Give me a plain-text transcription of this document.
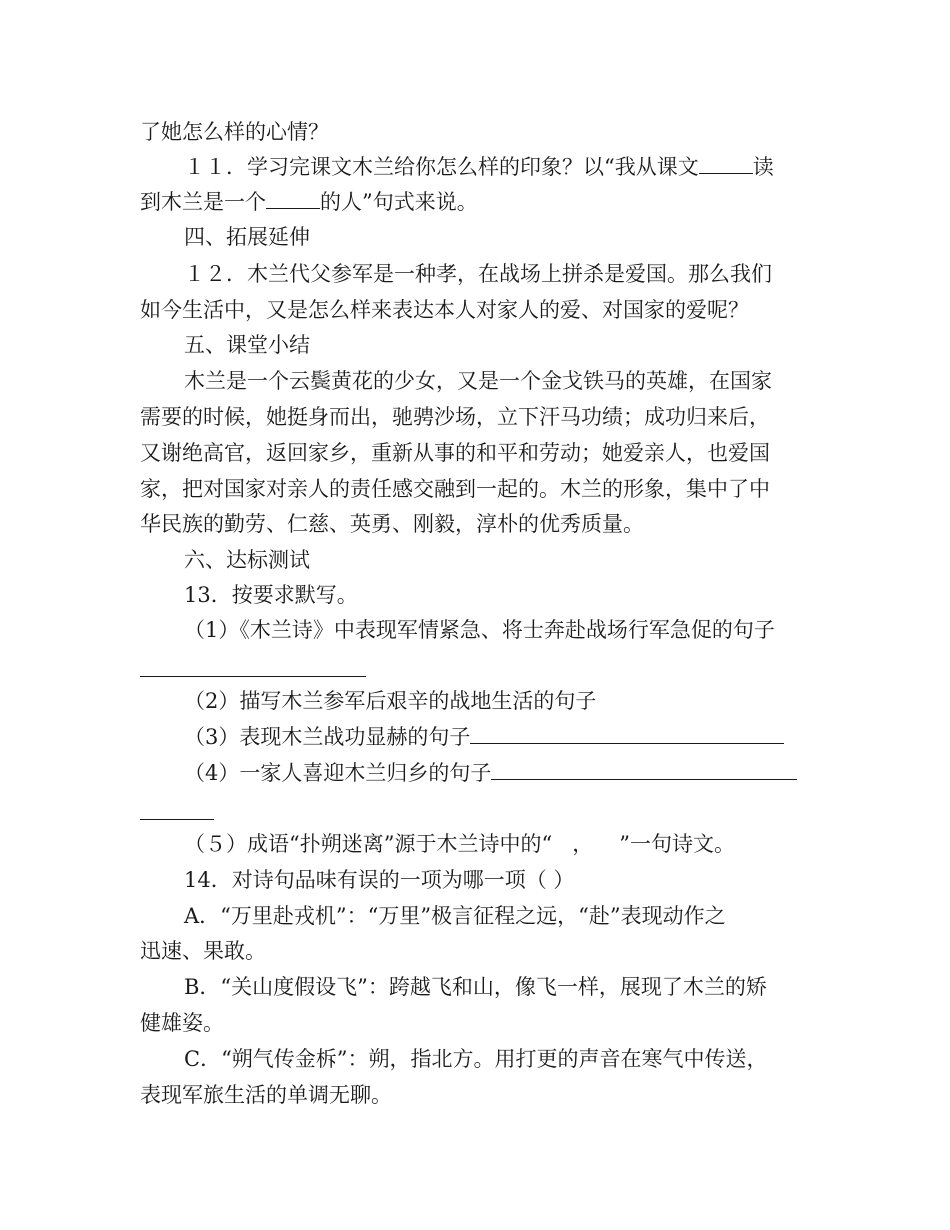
了她怎么样的心情？
１１．学习完课文木兰给你怎么样的印象？以“我从课文	读
到木兰是一个	的人”句式来说。
四、拓展延伸
１２．木兰代父参军是一种孝，在战场上拼杀是爱国。那么我们
如今生活中，又是怎么样来表达本人对家人的爱、对国家的爱呢？
五、课堂小结
木兰是一个云鬓黄花的少女，又是一个金戈铁马的英雄，在国家
需要的时候，她挺身而出，驰骋沙场，立下汗马功绩；成功归来后，
又谢绝高官，返回家乡，重新从事的和平和劳动；她爱亲人，也爱国
家，把对国家对亲人的责任感交融到一起的。木兰的形象，集中了中
华民族的勤劳、仁慈、英勇、刚毅，淳朴的优秀质量。
六、达标测试
13．按要求默写。
（1）《木兰诗》中表现军情紧急、将士奔赴战场行军急促的句子
（2）描写木兰参军后艰辛的战地生活的句子
（3）表现木兰战功显赫的句子
（4）一家人喜迎木兰归乡的句子
（５）成语“扑朔迷离”源于木兰诗中的“ ， ”一句诗文。
14．对诗句品味有误的一项为哪一项（ ）
A．“万里赴戎机”：“万里”极言征程之远，“赴”表现动作之
迅速、果敢。
B．“关山度假设飞”：跨越飞和山，像飞一样，展现了木兰的矫
健雄姿。
C．“朔气传金柝”：朔，指北方。用打更的声音在寒气中传送，
表现军旅生活的单调无聊。
